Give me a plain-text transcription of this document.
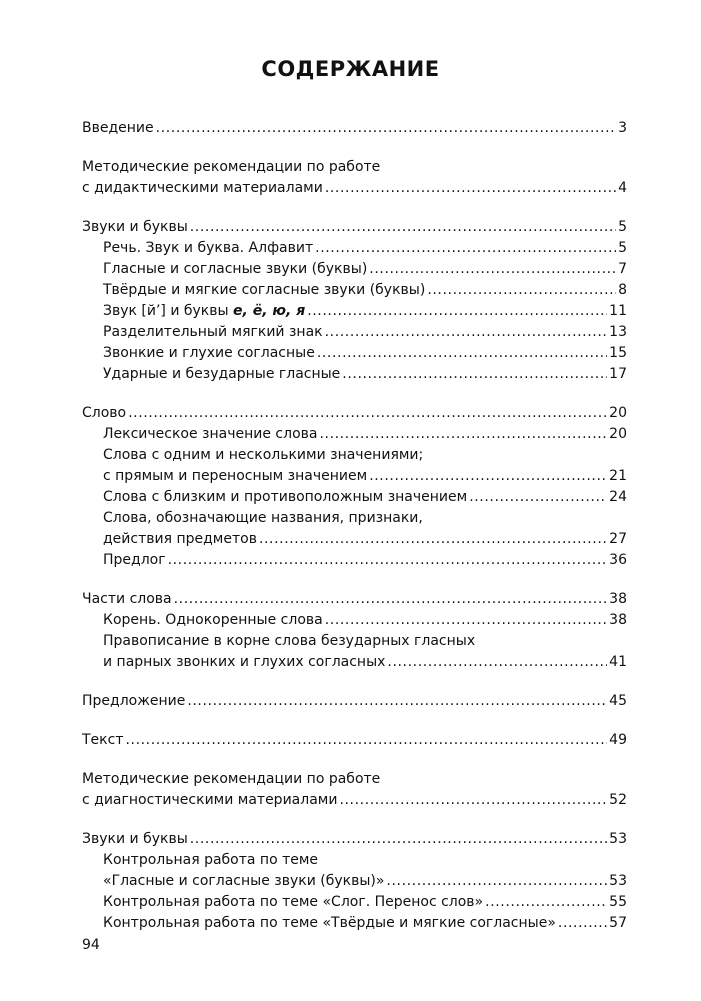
СОДЕРЖАНИЕ
Введение .....	3
Методические рекомендации по работе
с дидактическими материалами .....	4
Звуки и буквы .....	5
Речь. Звук и буква. Алфавит .....	5
Гласные и согласные звуки (буквы) .....	7
Твёрдые и мягкие согласные звуки (буквы) .....	8
Звук [й’] и буквы е, ё, ю, я .....	11
Разделительный мягкий знак .....	13
Звонкие и глухие согласные .....	15
Ударные и безударные гласные .....	17
Слово .....	20
Лексическое значение слова .....	20
Слова с одним и несколькими значениями;
с прямым и переносным значением .....	21
Слова с близким и противоположным значением .....	24
Слова, обозначающие названия, признаки,
действия предметов .....	27
Предлог .....	36
Части слова .....	38
Корень. Однокоренные слова .....	38
Правописание в корне слова безударных гласных
и парных звонких и глухих согласных .....	41
Предложение .....	45
Текст .....	49
Методические рекомендации по работе
с диагностическими материалами .....	52
Звуки и буквы .....	53
Контрольная работа по теме
«Гласные и согласные звуки (буквы)» .....	53
Контрольная работа по теме «Слог. Перенос слов» .....	55
Контрольная работа по теме «Твёрдые и мягкие согласные» .....	57
94
